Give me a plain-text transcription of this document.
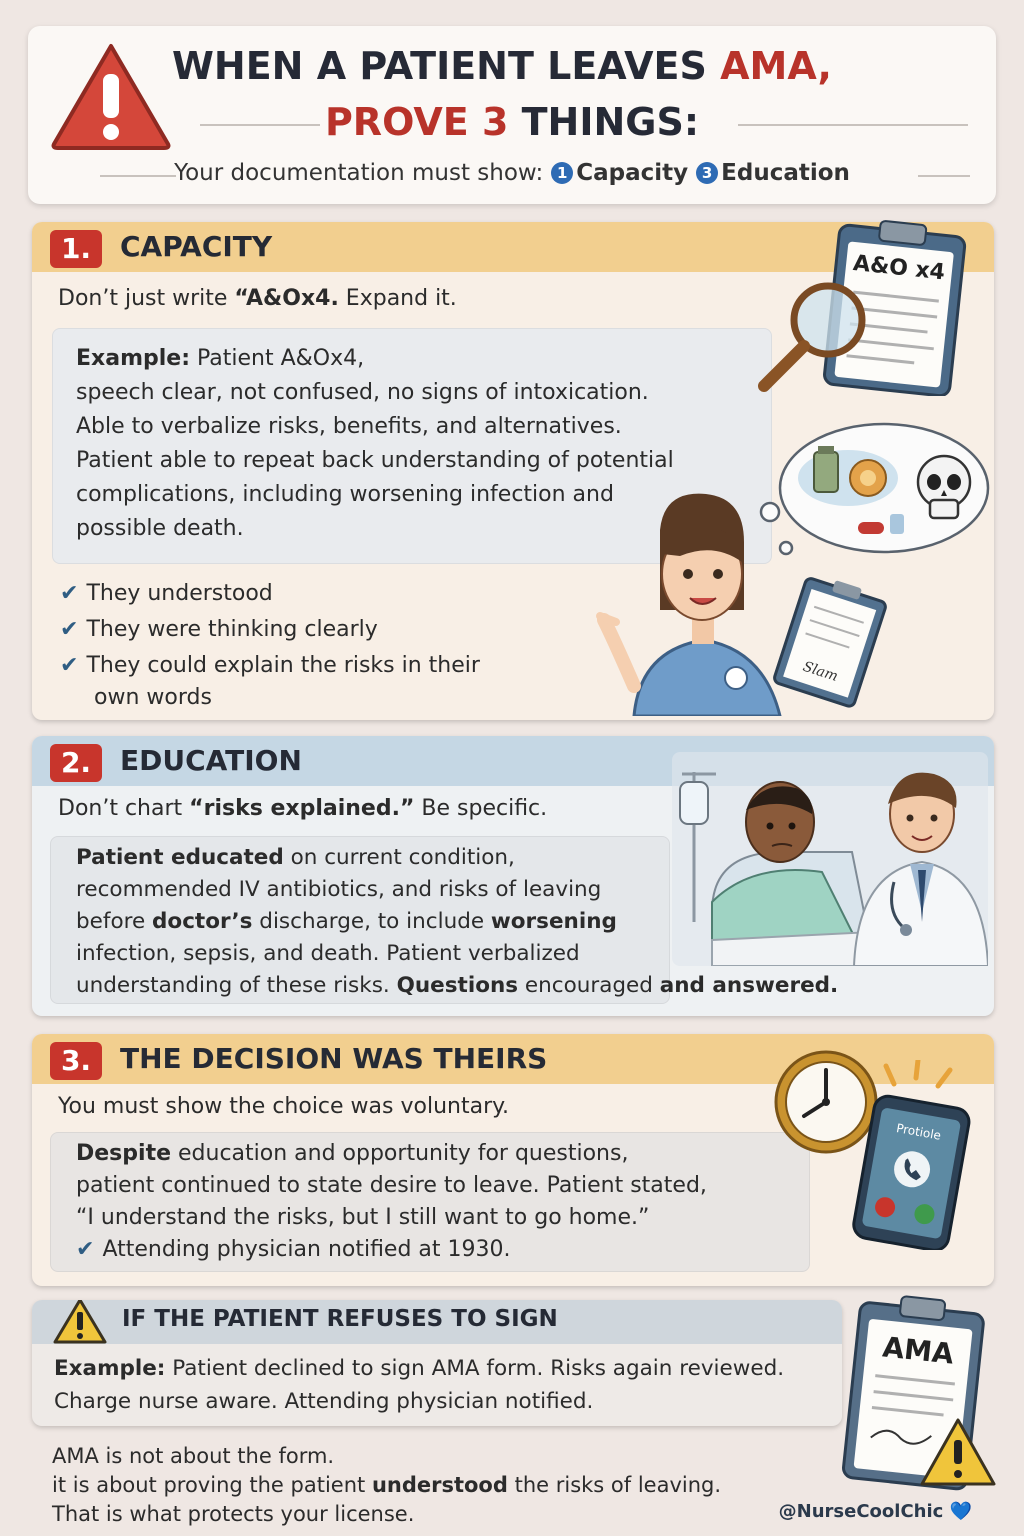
WHEN A PATIENT LEAVES AMA,
PROVE 3 THINGS:
Your documentation must show: 1 Capacity 3 Education
1.	CAPACITY
Don’t just write “A&Ox4. Expand it.
Example: Patient A&Ox4,
speech clear, not confused, no signs of intoxication.
Able to verbalize risks, benefits, and alternatives.
Patient able to repeat back understanding of potential
complications, including worsening infection and
possible death.
✔ They understood
✔ They were thinking clearly
✔ They could explain the risks in their
own words
A&O x4
Slam
2.	EDUCATION
Don’t chart “risks explained.” Be specific.
Patient educated on current condition,
recommended IV antibiotics, and risks of leaving
before doctor’s discharge, to include worsening
infection, sepsis, and death. Patient verbalized
understanding of these risks. Questions encouraged and answered.
3.	THE DECISION WAS THEIRS
You must show the choice was voluntary.
Despite education and opportunity for questions,
patient continued to state desire to leave. Patient stated,
“I understand the risks, but I still want to go home.”
✔ Attending physician notified at 1930.
Protiole
IF THE PATIENT REFUSES TO SIGN
Example: Patient declined to sign AMA form. Risks again reviewed.
Charge nurse aware. Attending physician notified.
AMA
AMA is not about the form.
it is about proving the patient understood the risks of leaving.
That is what protects your license.	@NurseCoolChic 💙
